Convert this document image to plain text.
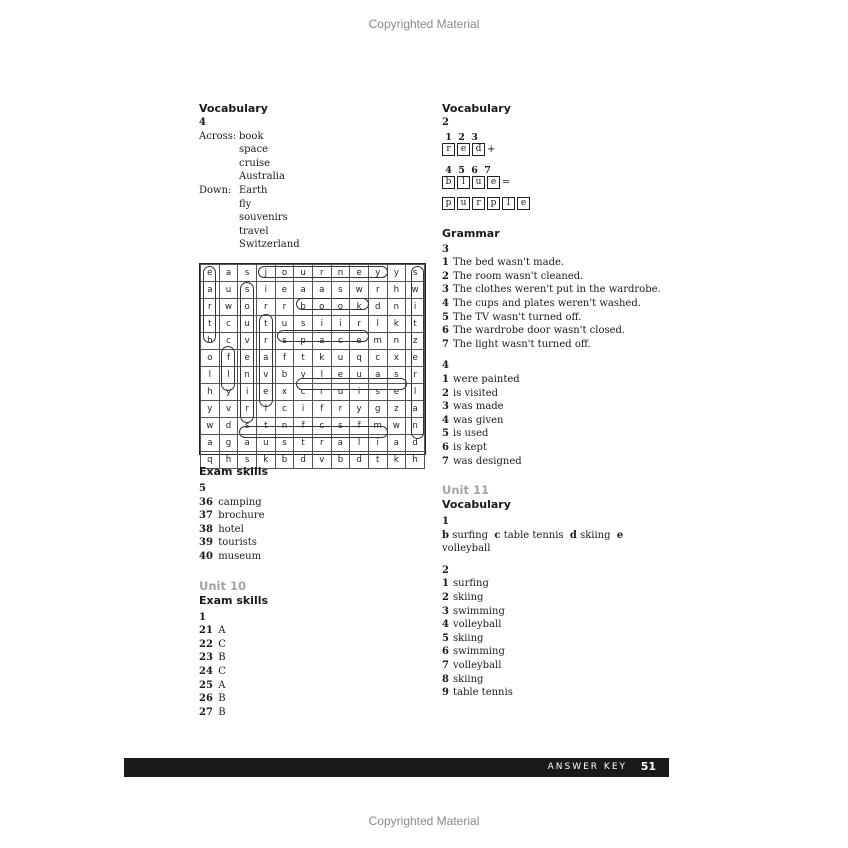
Copyrighted Material
Vocabulary
4
Across: book
space
cruise
Australia
Down: Earth
fly
souvenirs
travel
Switzerland
e	a	s	j	o	u	r	n	e	y	y	s
a	u	s	i	e	a	a	s	w	r	h	w
r	w	o	r	r	b	o	o	k	d	n	i
t	c	u	t	u	s	i	i	r	l	k	t
h	c	v	r	s	p	a	c	e	m	n	z
o	f	e	a	f	t	k	u	q	c	x	e
l	l	n	v	b	y	l	e	u	a	s	r
h	y	i	e	x	c	r	u	i	s	e	l
y	v	r	l	c	i	f	r	y	g	z	a
w	d	s	t	n	f	c	s	f	m	w	n
a	g	a	u	s	t	r	a	l	i	a	d
q	h	s	k	b	d	v	b	d	t	k	h
Exam skills
5
36 camping
37 brochure
38 hotel
39 tourists
40 museum
Unit 10
Exam skills
1
21 A
22 C
23 B
24 C
25 A
26 B
27 B
Vocabulary
2
1 2 3
r e d +
4 5 6 7
b l u e =
p u r p l e
Grammar
3
1 The bed wasn't made.
2 The room wasn't cleaned.
3 The clothes weren't put in the wardrobe.
4 The cups and plates weren't washed.
5 The TV wasn't turned off.
6 The wardrobe door wasn't closed.
7 The light wasn't turned off.
4
1 were painted
2 is visited
3 was made
4 was given
5 is used
6 is kept
7 was designed
Unit 11
Vocabulary
1
b surfing c table tennis d skiing e volleyball
2
1 surfing
2 skiing
3 swimming
4 volleyball
5 skiing
6 swimming
7 volleyball
8 skiing
9 table tennis
ANSWER KEY 51
Copyrighted Material
